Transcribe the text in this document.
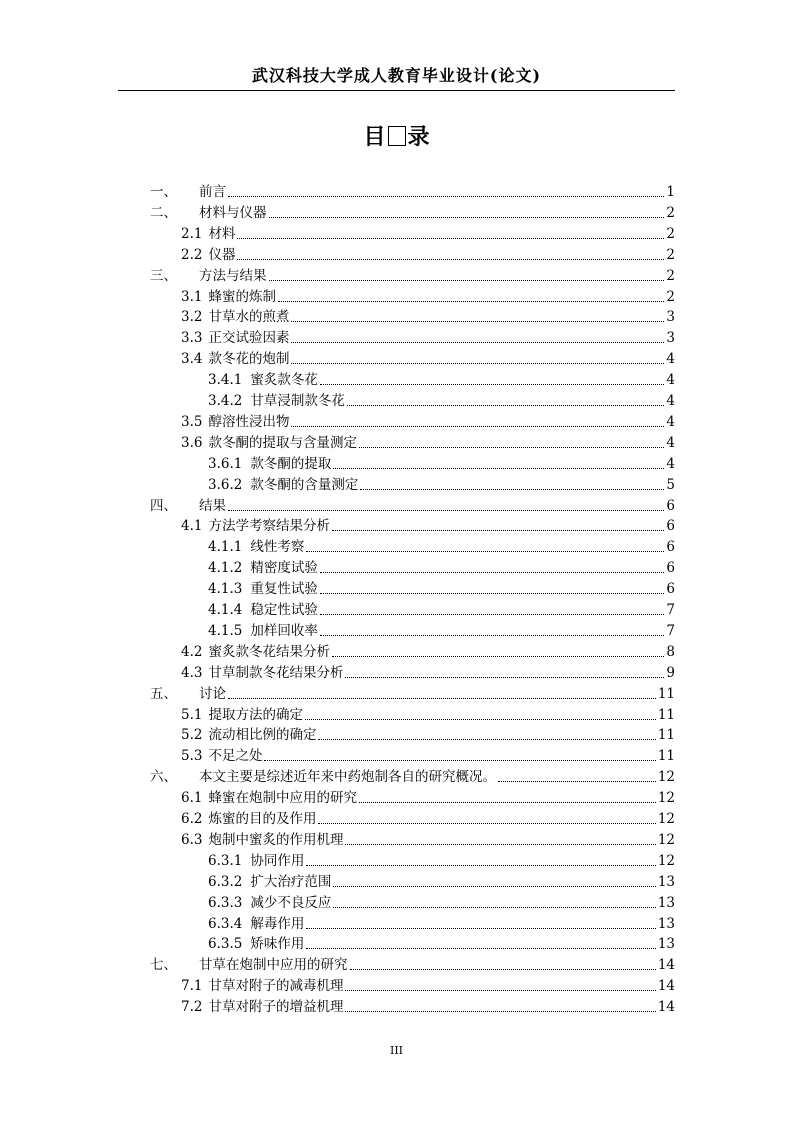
武汉科技大学成人教育毕业设计(论文)
目 录
一、 前言	1
二、 材料与仪器	2
2.1 材料	2
2.2 仪器	2
三、 方法与结果	2
3.1 蜂蜜的炼制	2
3.2 甘草水的煎煮	3
3.3 正交试验因素	3
3.4 款冬花的炮制	4
3.4.1 蜜炙款冬花	4
3.4.2 甘草浸制款冬花	4
3.5 醇溶性浸出物	4
3.6 款冬酮的提取与含量测定	4
3.6.1 款冬酮的提取	4
3.6.2 款冬酮的含量测定	5
四、 结果	6
4.1 方法学考察结果分析	6
4.1.1 线性考察	6
4.1.2 精密度试验	6
4.1.3 重复性试验	6
4.1.4 稳定性试验	7
4.1.5 加样回收率	7
4.2 蜜炙款冬花结果分析	8
4.3 甘草制款冬花结果分析	9
五、 讨论	11
5.1 提取方法的确定	11
5.2 流动相比例的确定	11
5.3 不足之处	11
六、 本文主要是综述近年来中药炮制各自的研究概况。	12
6.1 蜂蜜在炮制中应用的研究	12
6.2 炼蜜的目的及作用	12
6.3 炮制中蜜炙的作用机理	12
6.3.1 协同作用	12
6.3.2 扩大治疗范围	13
6.3.3 减少不良反应	13
6.3.4 解毒作用	13
6.3.5 矫味作用	13
七、 甘草在炮制中应用的研究	14
7.1 甘草对附子的减毒机理	14
7.2 甘草对附子的增益机理	14
III
